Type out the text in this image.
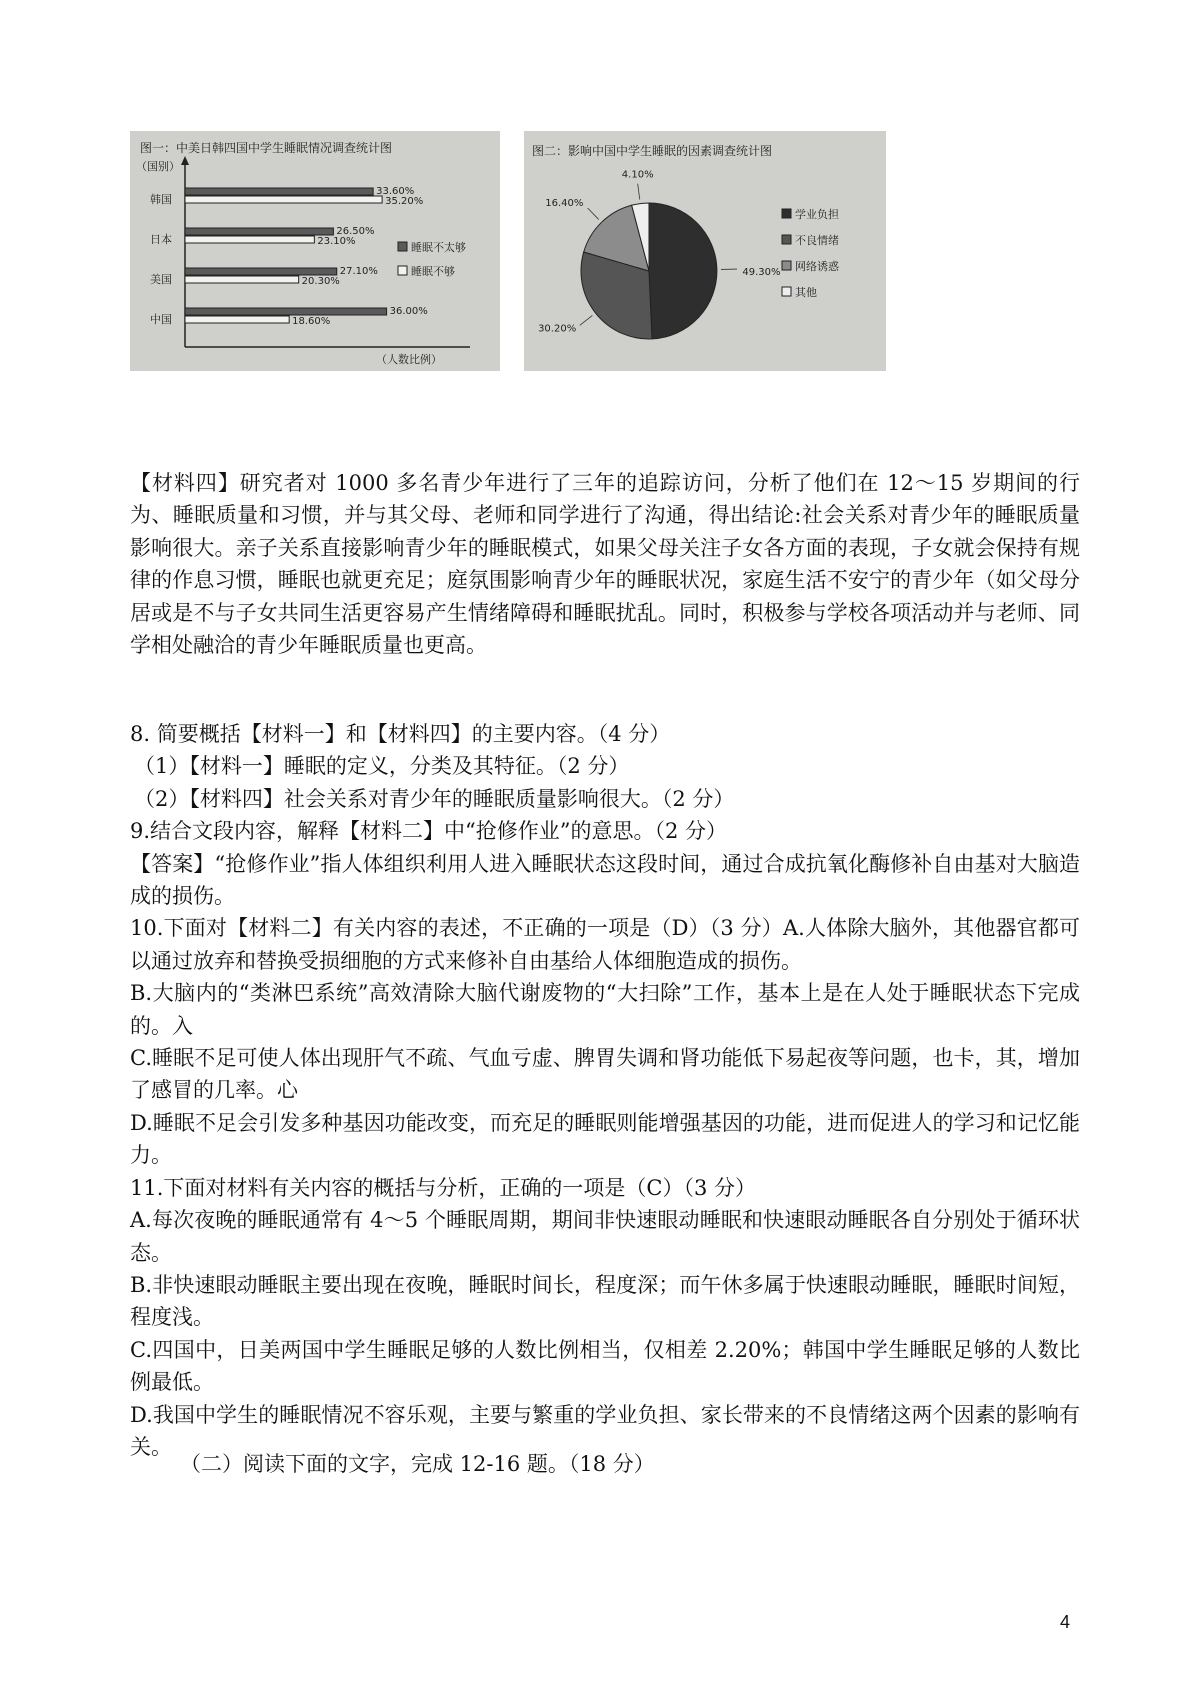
图一：中美日韩四国中学生睡眠情况调查统计图
（国别）
（人数比例）
韩国
日本
美国
中国
33.60%
35.20%
26.50%
23.10%
27.10%
20.30%
36.00%
18.60%
睡眠不太够
睡眠不够
图二：影响中国中学生睡眠的因素调查统计图
49.30%
30.20%
16.40%
4.10%
学业负担
不良情绪
网络诱惑
其他

【材料四】研究者对 1000 多名青少年进行了三年的追踪访问，分析了他们在 12～15 岁期间的行为、睡眠质量和习惯，并与其父母、老师和同学进行了沟通，得出结论:社会关系对青少年的睡眠质量影响很大。亲子关系直接影响青少年的睡眠模式，如果父母关注子女各方面的表现，子女就会保持有规律的作息习惯，睡眠也就更充足；庭氛围影响青少年的睡眠状况，家庭生活不安宁的青少年（如父母分居或是不与子女共同生活更容易产生情绪障碍和睡眠扰乱。同时，积极参与学校各项活动并与老师、同学相处融洽的青少年睡眠质量也更高。

8. 简要概括【材料一】和【材料四】的主要内容。（4 分）

（1）【材料一】睡眠的定义，分类及其特征。（2 分）

（2）【材料四】社会关系对青少年的睡眠质量影响很大。（2 分）

9.结合文段内容，解释【材料二】中“抢修作业”的意思。（2 分）

【答案】“抢修作业”指人体组织利用人进入睡眠状态这段时间，通过合成抗氧化酶修补自由基对大脑造成的损伤。

10.下面对【材料二】有关内容的表述，不正确的一项是（D）（3 分）A.人体除大脑外，其他器官都可以通过放弃和替换受损细胞的方式来修补自由基给人体细胞造成的损伤。

B.大脑内的“类淋巴系统”高效清除大脑代谢废物的“大扫除”工作，基本上是在人处于睡眠状态下完成的。入

C.睡眠不足可使人体出现肝气不疏、气血亏虚、脾胃失调和肾功能低下易起夜等问题，也卡，其，增加了感冒的几率。心

D.睡眠不足会引发多种基因功能改变，而充足的睡眠则能增强基因的功能，进而促进人的学习和记忆能力。

11.下面对材料有关内容的概括与分析，正确的一项是（C）（3 分）

A.每次夜晚的睡眠通常有 4～5 个睡眠周期，期间非快速眼动睡眠和快速眼动睡眠各自分别处于循环状态。

B.非快速眼动睡眠主要出现在夜晚，睡眠时间长，程度深；而午休多属于快速眼动睡眠，睡眠时间短，程度浅。

C.四国中，日美两国中学生睡眠足够的人数比例相当，仅相差 2.20%；韩国中学生睡眠足够的人数比例最低。

D.我国中学生的睡眠情况不容乐观，主要与繁重的学业负担、家长带来的不良情绪这两个因素的影响有关。

（二）阅读下面的文字，完成 12-16 题。（18 分）
4
